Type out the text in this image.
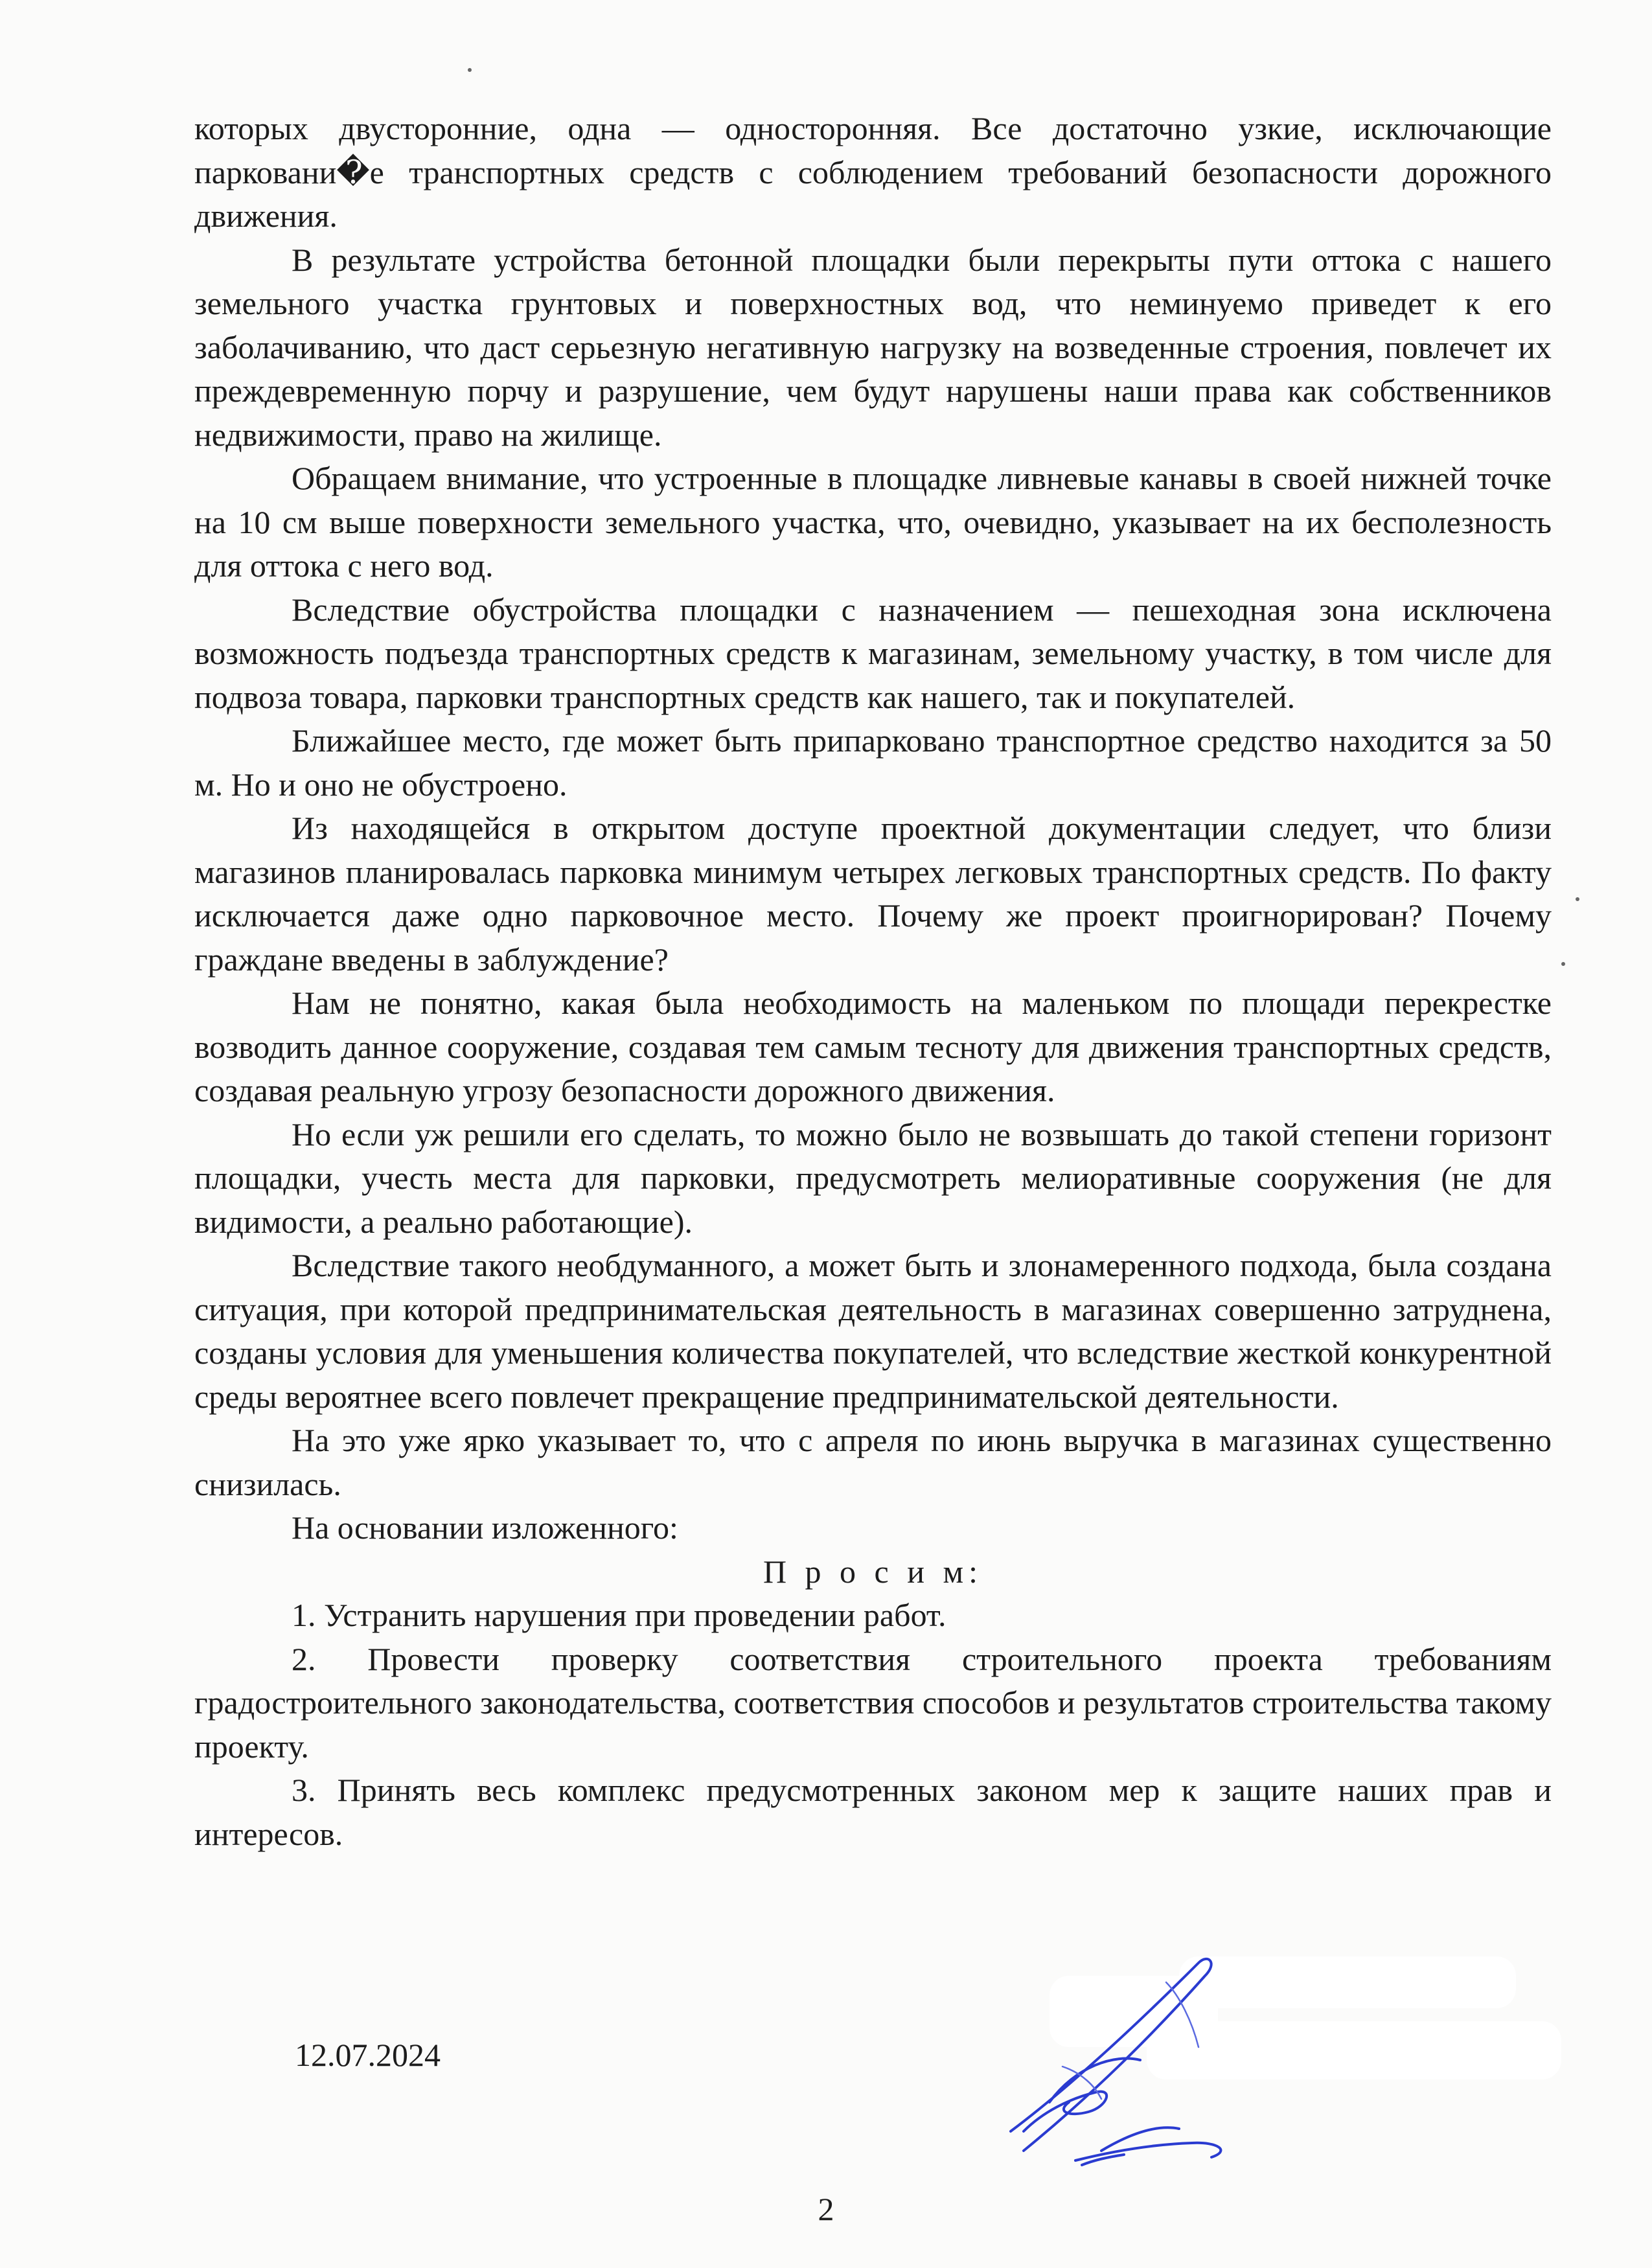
которых двусторонние, одна — односторонняя. Все достаточно узкие, исключающие парковани�е транспортных средств с соблюдением требований безопасности дорожного движения.

В результате устройства бетонной площадки были перекрыты пути оттока с нашего земельного участка грунтовых и поверхностных вод, что неминуемо приведет к его заболачиванию, что даст серьезную негативную нагрузку на возведенные строения, повлечет их преждевременную порчу и разрушение, чем будут нарушены наши права как собственников недвижимости, право на жилище.

Обращаем внимание, что устроенные в площадке ливневые канавы в своей нижней точке на 10 см выше поверхности земельного участка, что, очевидно, указывает на их бесполезность для оттока с него вод.

Вследствие обустройства площадки с назначением — пешеходная зона исключена возможность подъезда транспортных средств к магазинам, земельному участку, в том числе для подвоза товара, парковки транспортных средств как нашего, так и покупателей.

Ближайшее место, где может быть припарковано транспортное средство находится за 50 м. Но и оно не обустроено.

Из находящейся в открытом доступе проектной документации следует, что близи магазинов планировалась парковка минимум четырех легковых транспортных средств. По факту исключается даже одно парковочное место. Почему же проект проигнорирован? Почему граждане введены в заблуждение?

Нам не понятно, какая была необходимость на маленьком по площади перекрестке возводить данное сооружение, создавая тем самым тесноту для движения транспортных средств, создавая реальную угрозу безопасности дорожного движения.

Но если уж решили его сделать, то можно было не возвышать до такой степени горизонт площадки, учесть места для парковки, предусмотреть мелиоративные сооружения (не для видимости, а реально работающие).

Вследствие такого необдуманного, а может быть и злонамеренного подхода, была создана ситуация, при которой предпринимательская деятельность в магазинах совершенно затруднена, созданы условия для уменьшения количества покупателей, что вследствие жесткой конкурентной среды вероятнее всего повлечет прекращение предпринимательской деятельности.

На это уже ярко указывает то, что с апреля по июнь выручка в магазинах существенно снизилась.

На основании изложенного:

П р о с и м:

1. Устранить нарушения при проведении работ.

2. Провести проверку соответствия строительного проекта требованиям градостроительного законодательства, соответствия способов и результатов строительства такому проекту.

3. Принять весь комплекс предусмотренных законом мер к защите наших прав и интересов.

12.07.2024

2
